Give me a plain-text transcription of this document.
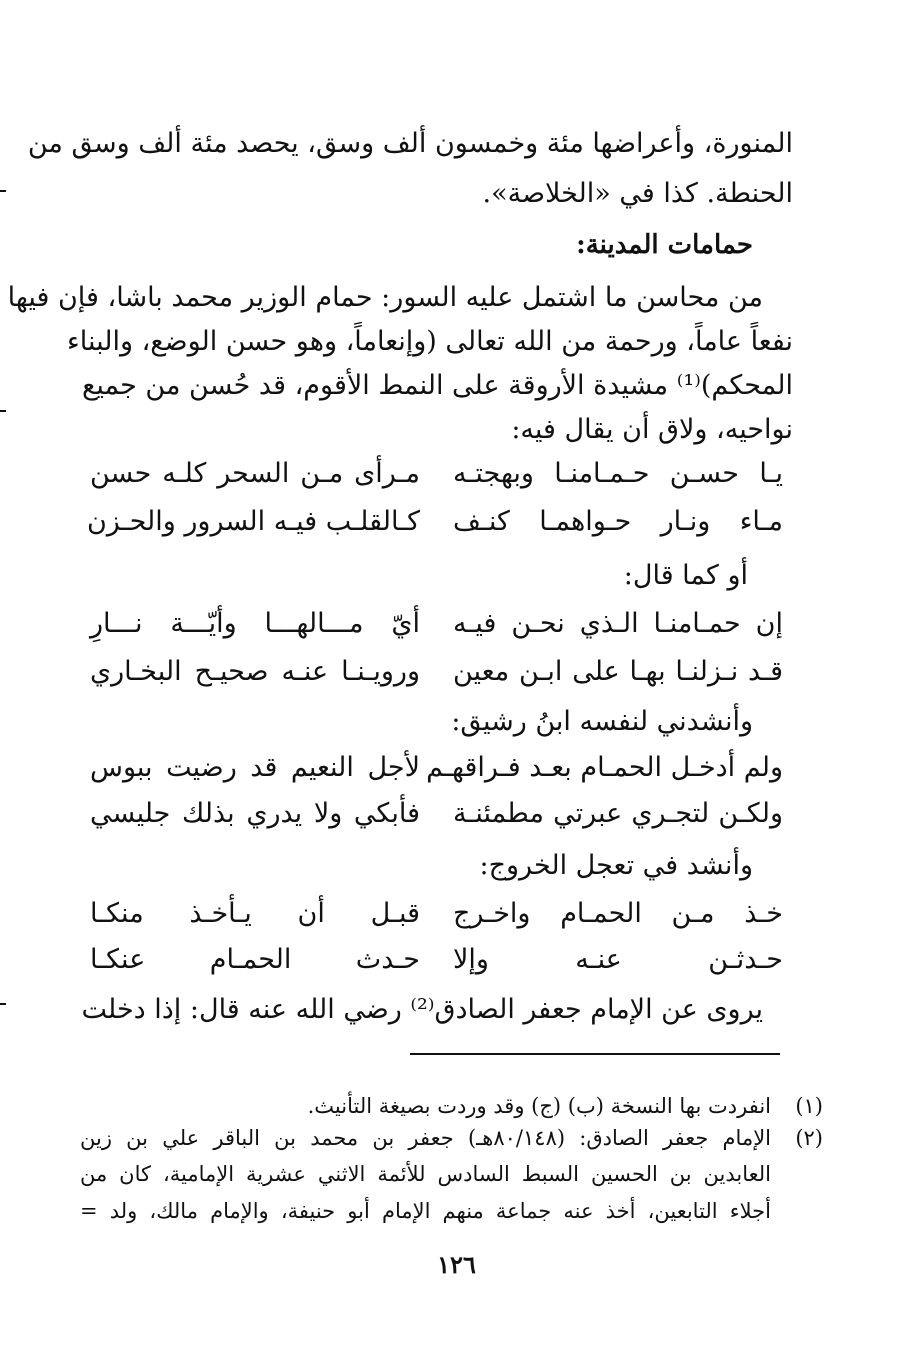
المنورة، وأعراضها مئة وخمسون ألف وسق، يحصد مئة ألف وسق من
الحنطة. كذا في «الخلاصة».
حمامات المدينة:
من محاسن ما اشتمل عليه السور: حمام الوزير محمد باشا، فإن فيها
نفعاً عاماً، ورحمة من الله تعالى (وإنعاماً، وهو حسن الوضع، والبناء
المحكم)⁽¹⁾ مشيدة الأروقة على النمط الأقوم، قد حُسن من جميع
نواحيه، ولاق أن يقال فيه:
يـا حسـن حـمـامنـا وبهجتـه
مـرأى مـن السحر كلـه حسن
مـاء ونـار حـواهمـا كنـف
كـالقلـب فيـه السرور والحـزن
أو كما قال:
إن حمـامنـا الـذي نحـن فيـه
أيّ مـــالهـــا وأيّـــة نـــارِ
قـد نـزلنـا بهـا على ابـن معين
ورويـنـا عنـه صحيـح البخـاري
وأنشدني لنفسه ابنُ رشيق:
ولم أدخـل الحمـام بعـد فـراقهـم
لأجل النعيم قد رضيت ببوس
ولكـن لتجـري عبرتي مطمئنـة
فأبكي ولا يدري بذلك جليسي
وأنشد في تعجل الخروج:
خـذ مـن الحمـام واخـرج
قبـل أن يـأخـذ منكـا
حـدثـن عنـه وإلا
حـدث الحمـام عنكـا
يروى عن الإمام جعفر الصادق⁽²⁾ رضي الله عنه قال: إذا دخلت
(١)
انفردت بها النسخة (ب) (ج) وقد وردت بصيغة التأنيث.
(٢)
الإمام جعفر الصادق: (٨٠/١٤٨هـ) جعفر بن محمد بن الباقر علي بن زين
العابدين بن الحسين السبط السادس للأئمة الاثني عشرية الإمامية، كان من
أجلاء التابعين، أخذ عنه جماعة منهم الإمام أبو حنيفة، والإمام مالك، ولد =
١٢٦
